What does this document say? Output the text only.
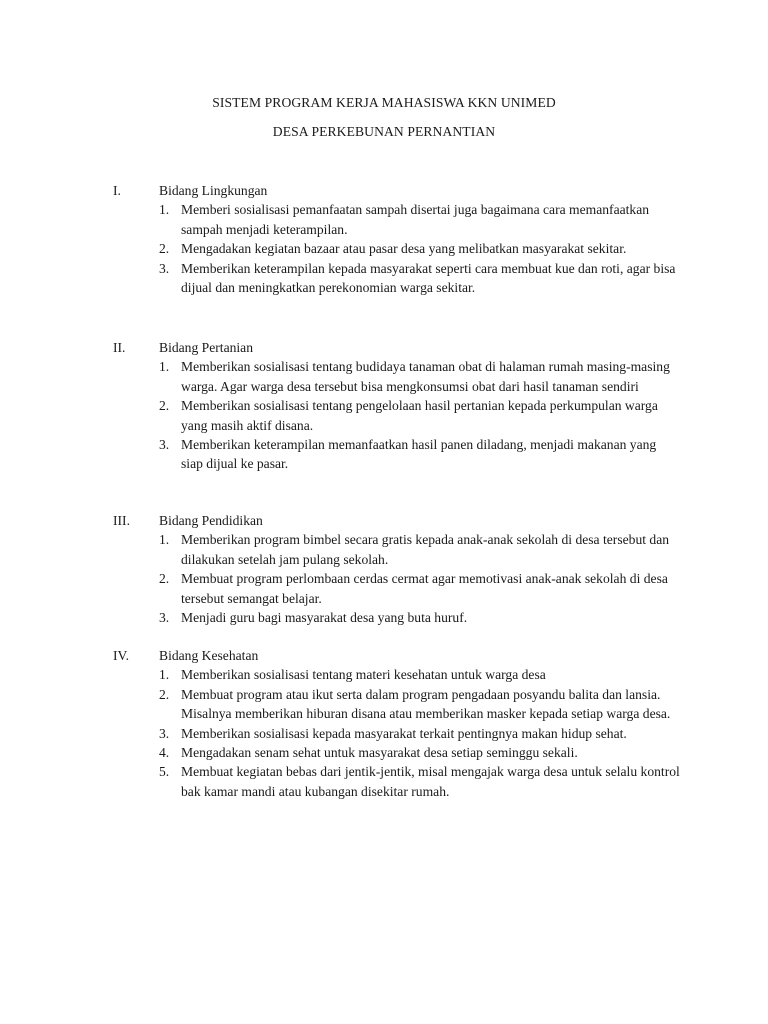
SISTEM PROGRAM KERJA MAHASISWA KKN UNIMED
DESA PERKEBUNAN PERNANTIAN
I.	Bidang Lingkungan
1. Memberi sosialisasi pemanfaatan sampah disertai juga bagaimana cara memanfaatkan sampah menjadi keterampilan.
2. Mengadakan kegiatan bazaar atau pasar desa yang melibatkan masyarakat sekitar.
3. Memberikan keterampilan kepada masyarakat seperti cara membuat kue dan roti, agar bisa dijual dan meningkatkan perekonomian warga sekitar.
II. Bidang Pertanian
1. Memberikan sosialisasi tentang budidaya tanaman obat di halaman rumah masing-masing warga. Agar warga desa tersebut bisa mengkonsumsi obat dari hasil tanaman sendiri
2. Memberikan sosialisasi tentang pengelolaan hasil pertanian kepada perkumpulan warga yang masih aktif disana.
3. Memberikan keterampilan memanfaatkan hasil panen diladang, menjadi makanan yang siap dijual ke pasar.
III. Bidang Pendidikan
1. Memberikan program bimbel secara gratis kepada anak-anak sekolah di desa tersebut dan dilakukan setelah jam pulang sekolah.
2. Membuat program perlombaan cerdas cermat agar memotivasi anak-anak sekolah di desa tersebut semangat belajar.
3. Menjadi guru bagi masyarakat desa yang buta huruf.
IV. Bidang Kesehatan
1. Memberikan sosialisasi tentang materi kesehatan untuk warga desa
2. Membuat program atau ikut serta dalam program pengadaan posyandu balita dan lansia. Misalnya memberikan hiburan disana atau memberikan masker kepada setiap warga desa.
3. Memberikan sosialisasi kepada masyarakat terkait pentingnya makan hidup sehat.
4. Mengadakan senam sehat untuk masyarakat desa setiap seminggu sekali.
5. Membuat kegiatan bebas dari jentik-jentik, misal mengajak warga desa untuk selalu kontrol bak kamar mandi atau kubangan disekitar rumah.
